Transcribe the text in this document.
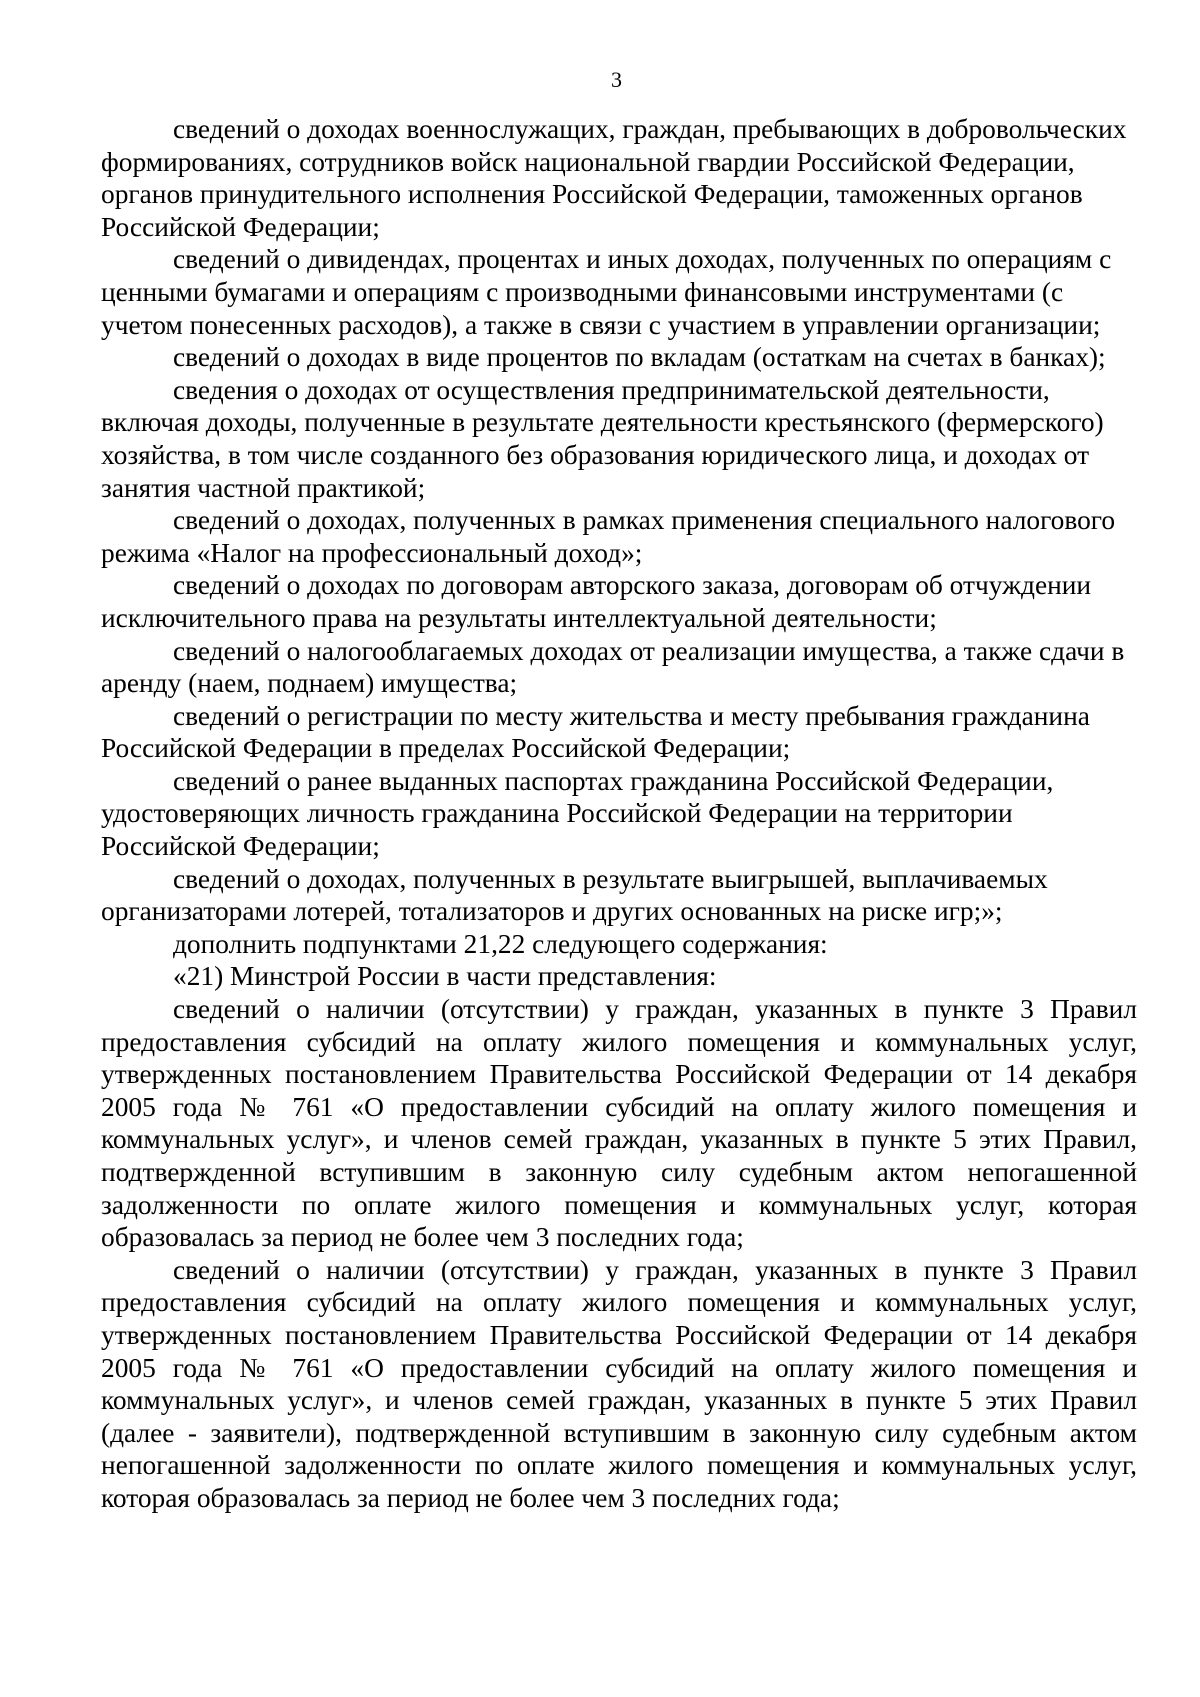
3

сведений о доходах военнослужащих, граждан, пребывающих в добровольческих формированиях, сотрудников войск национальной гвардии Российской Федерации, органов принудительного исполнения Российской Федерации, таможенных органов Российской Федерации;

сведений о дивидендах, процентах и иных доходах, полученных по операциям с ценными бумагами и операциям с производными финансовыми инструментами (с учетом понесенных расходов), а также в связи с участием в управлении организации;

сведений о доходах в виде процентов по вкладам (остаткам на счетах в банках);

сведения о доходах от осуществления предпринимательской деятельности, включая доходы, полученные в результате деятельности крестьянского (фермерского) хозяйства, в том числе созданного без образования юридического лица, и доходах от занятия частной практикой;

сведений о доходах, полученных в рамках применения специального налогового режима «Налог на профессиональный доход»;

сведений о доходах по договорам авторского заказа, договорам об отчуждении исключительного права на результаты интеллектуальной деятельности;

сведений о налогооблагаемых доходах от реализации имущества, а также сдачи в аренду (наем, поднаем) имущества;

сведений о регистрации по месту жительства и месту пребывания гражданина Российской Федерации в пределах Российской Федерации;

сведений о ранее выданных паспортах гражданина Российской Федерации, удостоверяющих личность гражданина Российской Федерации на территории Российской Федерации;

сведений о доходах, полученных в результате выигрышей, выплачиваемых организаторами лотерей, тотализаторов и других основанных на риске игр;»;

дополнить подпунктами 21,22 следующего содержания:

«21) Минстрой России в части представления:

сведений о наличии (отсутствии) у граждан, указанных в пункте 3 Правил предоставления субсидий на оплату жилого помещения и коммунальных услуг, утвержденных постановлением Правительства Российской Федерации от 14 декабря 2005 года № 761 «О предоставлении субсидий на оплату жилого помещения и коммунальных услуг», и членов семей граждан, указанных в пункте 5 этих Правил, подтвержденной вступившим в законную силу судебным актом непогашенной задолженности по оплате жилого помещения и коммунальных услуг, которая образовалась за период не более чем 3 последних года;

сведений о наличии (отсутствии) у граждан, указанных в пункте 3 Правил предоставления субсидий на оплату жилого помещения и коммунальных услуг, утвержденных постановлением Правительства Российской Федерации от 14 декабря 2005 года № 761 «О предоставлении субсидий на оплату жилого помещения и коммунальных услуг», и членов семей граждан, указанных в пункте 5 этих Правил (далее - заявители), подтвержденной вступившим в законную силу судебным актом непогашенной задолженности по оплате жилого помещения и коммунальных услуг, которая образовалась за период не более чем 3 последних года;
